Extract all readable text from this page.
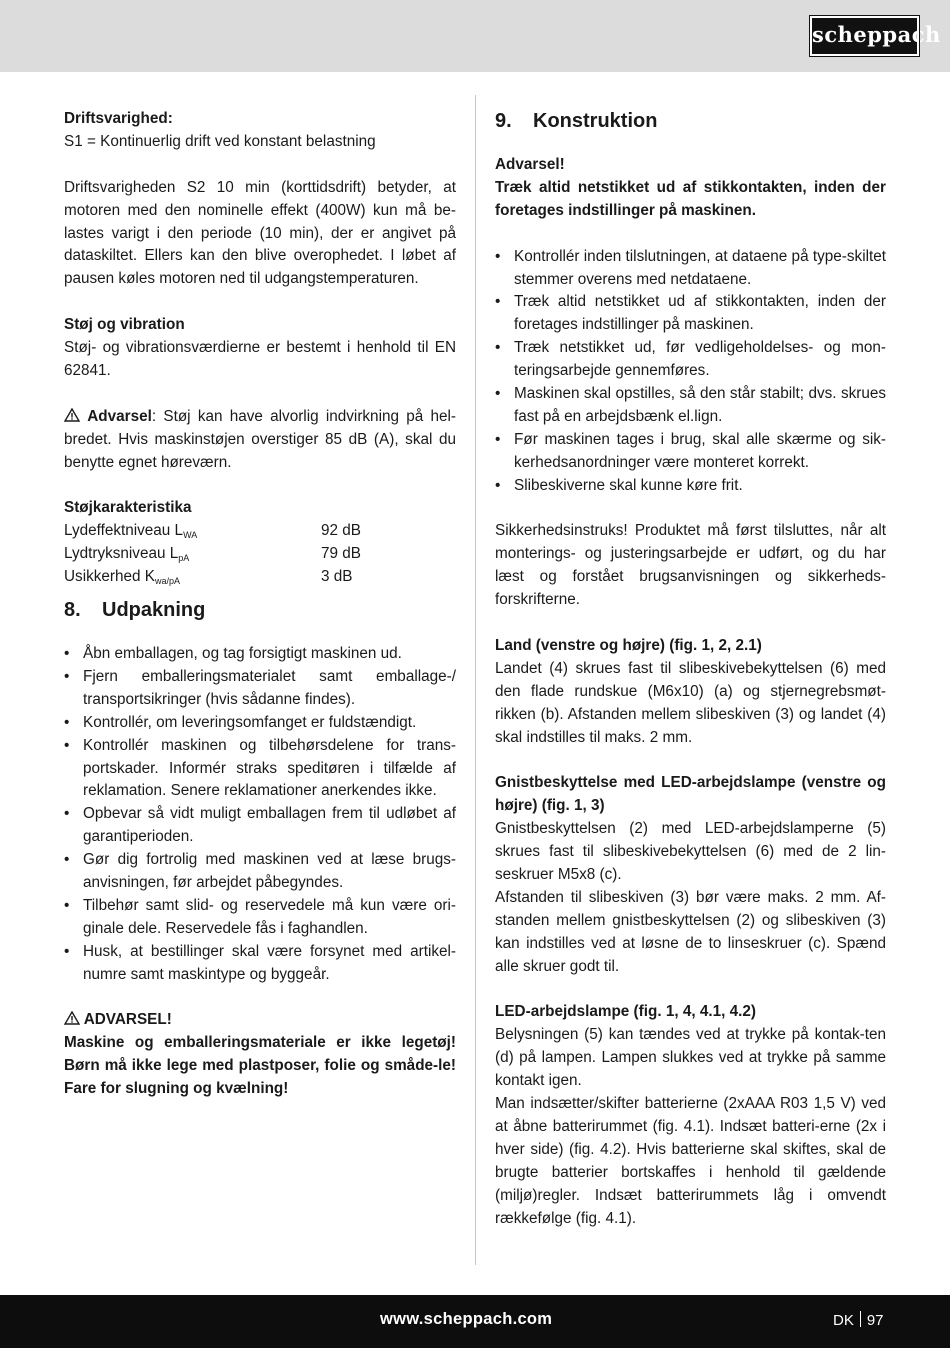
scheppach

Driftsvarighed:

S1 = Kontinuerlig drift ved konstant belastning

Driftsvarigheden S2 10 min (korttidsdrift) betyder, at motoren med den nominelle effekt (400W) kun må be-lastes varigt i den periode (10 min), der er angivet på dataskiltet. Ellers kan den blive overophedet. I løbet af pausen køles motoren ned til udgangstemperaturen.

Støj og vibration

Støj- og vibrationsværdierne er bestemt i henhold til EN 62841.

Advarsel: Støj kan have alvorlig indvirkning på hel-bredet. Hvis maskinstøjen overstiger 85 dB (A), skal du benytte egnet høreværn.

Støjkarakteristika

Lydeffektniveau $L_{WA}$	92 dB
Lydtryksniveau $L_{pA}$	79 dB
Usikkerhed $K_{wa/pA}$	3 dB
8. Udpakning
• Åbn emballagen, og tag forsigtigt maskinen ud.
• Fjern emballeringsmaterialet samt emballage-/ transportsikringer (hvis sådanne findes).
• Kontrollér, om leveringsomfanget er fuldstændigt.
• Kontrollér maskinen og tilbehørsdelene for trans-portskader. Informér straks speditøren i tilfælde af reklamation. Senere reklamationer anerkendes ikke.
• Opbevar så vidt muligt emballagen frem til udløbet af garantiperioden.
• Gør dig fortrolig med maskinen ved at læse brugs-anvisningen, før arbejdet påbegyndes.
• Tilbehør samt slid- og reservedele må kun være ori-ginale dele. Reservedele fås i faghandlen.
• Husk, at bestillinger skal være forsynet med artikel-numre samt maskintype og byggeår.

ADVARSEL!

Maskine og emballeringsmateriale er ikke legetøj! Børn må ikke lege med plastposer, folie og småde-le! Fare for slugning og kvælning!

9. Konstruktion

Advarsel!

Træk altid netstikket ud af stikkontakten, inden der foretages indstillinger på maskinen.

• Kontrollér inden tilslutningen, at dataene på type-skiltet stemmer overens med netdataene.
• Træk altid netstikket ud af stikkontakten, inden der foretages indstillinger på maskinen.
• Træk netstikket ud, før vedligeholdelses- og mon-teringsarbejde gennemføres.
• Maskinen skal opstilles, så den står stabilt; dvs. skrues fast på en arbejdsbænk el.lign.
• Før maskinen tages i brug, skal alle skærme og sik-kerhedsanordninger være monteret korrekt.
• Slibeskiverne skal kunne køre frit.

Sikkerhedsinstruks! Produktet må først tilsluttes, når alt monterings- og justeringsarbejde er udført, og du har læst og forstået brugsanvisningen og sikkerheds-forskrifterne.

Land (venstre og højre) (fig. 1, 2, 2.1)

Landet (4) skrues fast til slibeskivebekyttelsen (6) med den flade rundskue (M6x10) (a) og stjernegrebsmøt-rikken (b). Afstanden mellem slibeskiven (3) og landet (4) skal indstilles til maks. 2 mm.

Gnistbeskyttelse med LED-arbejdslampe (venstre og højre) (fig. 1, 3)

Gnistbeskyttelsen (2) med LED-arbejdslamperne (5) skrues fast til slibeskivebekyttelsen (6) med de 2 lin-seskruer M5x8 (c).

Afstanden til slibeskiven (3) bør være maks. 2 mm. Af-standen mellem gnistbeskyttelsen (2) og slibeskiven (3) kan indstilles ved at løsne de to linseskruer (c). Spænd alle skruer godt til.

LED-arbejdslampe (fig. 1, 4, 4.1, 4.2)

Belysningen (5) kan tændes ved at trykke på kontak-ten (d) på lampen. Lampen slukkes ved at trykke på samme kontakt igen.

Man indsætter/skifter batterierne (2xAAA R03 1,5 V) ved at åbne batterirummet (fig. 4.1). Indsæt batteri-erne (2x i hver side) (fig. 4.2). Hvis batterierne skal skiftes, skal de brugte batterier bortskaffes i henhold til gældende (miljø)regler. Indsæt batterirummets låg i omvendt rækkefølge (fig. 4.1).

www.scheppach.com	DK 97
